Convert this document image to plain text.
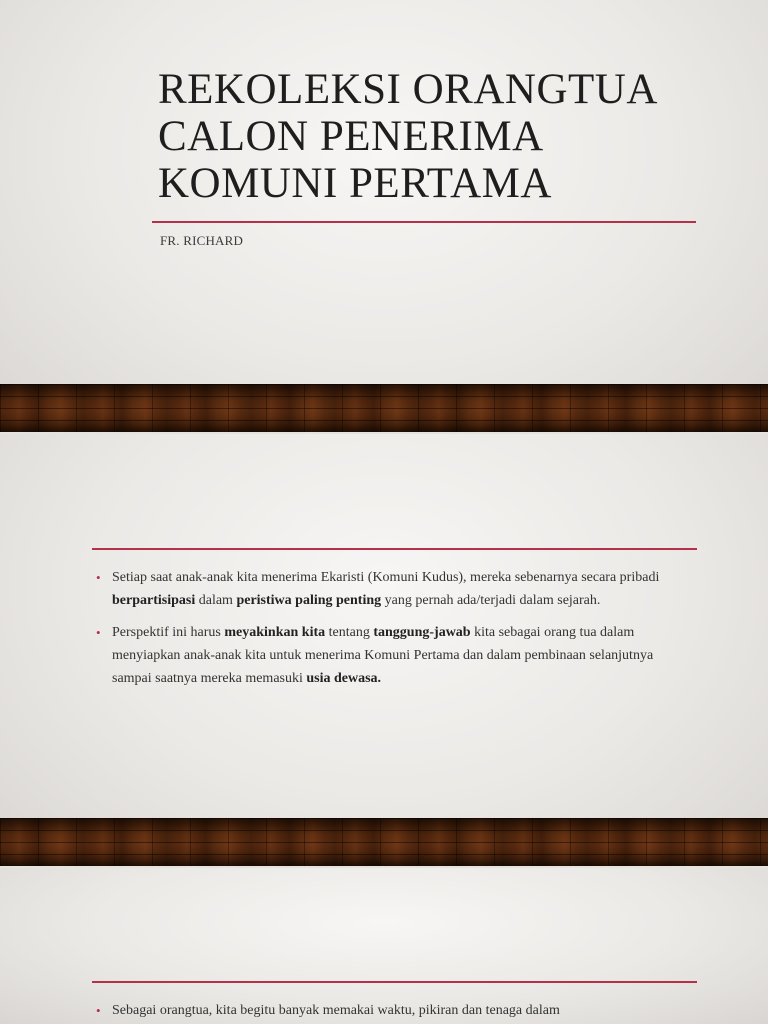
REKOLEKSI ORANGTUA
CALON PENERIMA
KOMUNI PERTAMA

FR. RICHARD

• Setiap saat anak-anak kita menerima Ekaristi (Komuni Kudus), mereka sebenarnya secara pribadi berpartisipasi dalam peristiwa paling penting yang pernah ada/terjadi dalam sejarah.
• Perspektif ini harus meyakinkan kita tentang tanggung-jawab kita sebagai orang tua dalam menyiapkan anak-anak kita untuk menerima Komuni Pertama dan dalam pembinaan selanjutnya sampai saatnya mereka memasuki usia dewasa.
• Sebagai orangtua, kita begitu banyak memakai waktu, pikiran dan tenaga dalam
